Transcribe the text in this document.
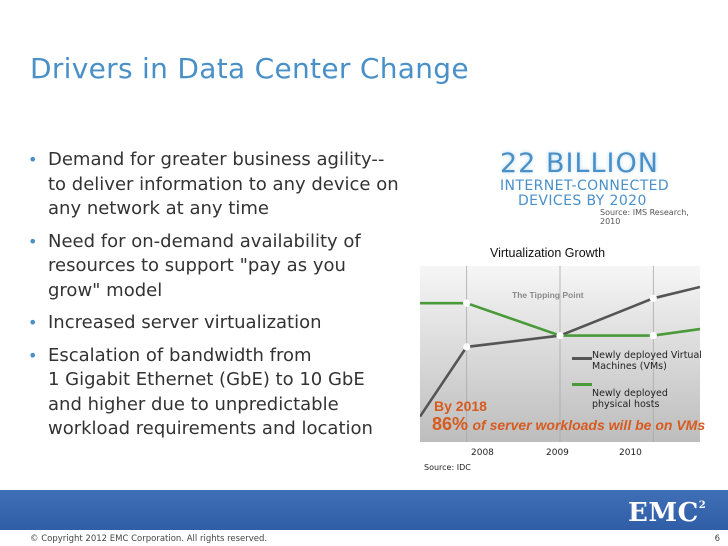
Drivers in Data Center Change
• Demand for greater business agility--
to deliver information to any device on
any network at any time
• Need for on-demand availability of
resources to support "pay as you
grow" model
• Increased server virtualization
• Escalation of bandwidth from
1 Gigabit Ethernet (GbE) to 10 GbE
and higher due to unpredictable
workload requirements and location
22 BILLION
INTERNET-CONNECTED
DEVICES BY 2020
Source: IMS Research, 2010
Virtualization Growth
The Tipping Point
Newly deployed Virtual Machines (VMs)
Newly deployed physical hosts
By 2018
86% of server workloads will be on VMs
2008	2009	2010
Source: IDC
EMC$^2$
© Copyright 2012 EMC Corporation. All rights reserved.	6
